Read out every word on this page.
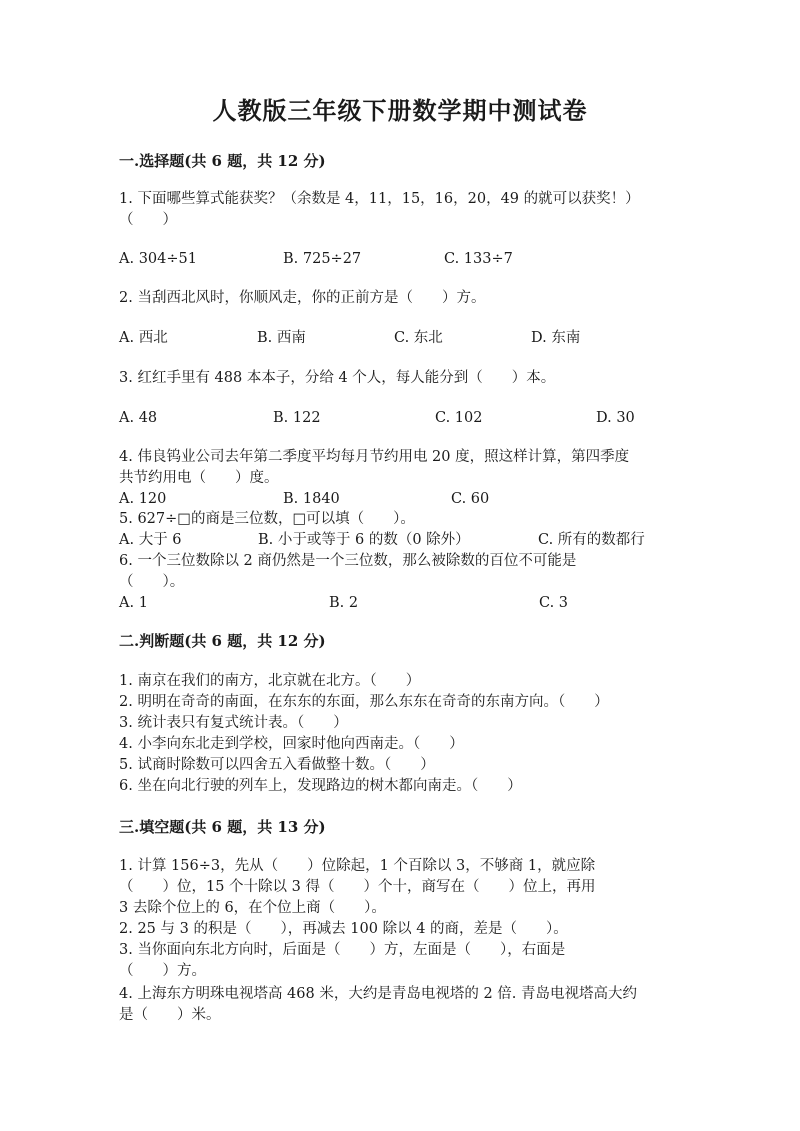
人教版三年级下册数学期中测试卷
一.选择题(共 6 题，共 12 分)
1. 下面哪些算式能获奖？（余数是 4，11，15，16，20，49 的就可以获奖！）
（　　）
A. 304÷51	B. 725÷27	C. 133÷7
2. 当刮西北风时，你顺风走，你的正前方是（　　）方。
A. 西北	B. 西南	C. 东北	D. 东南
3. 红红手里有 488 本本子，分给 4 个人，每人能分到（　　）本。
A. 48	B. 122	C. 102	D. 30
4. 伟良钨业公司去年第二季度平均每月节约用电 20 度，照这样计算，第四季度
共节约用电（　　）度。
A. 120	B. 1840	C. 60
5. 627÷□的商是三位数，□可以填（　　）。
A. 大于 6	B. 小于或等于 6 的数（0 除外）	C. 所有的数都行
6. 一个三位数除以 2 商仍然是一个三位数，那么被除数的百位不可能是
（　　）。
A. 1	B. 2	C. 3
二.判断题(共 6 题，共 12 分)
1. 南京在我们的南方，北京就在北方。（　　）
2. 明明在奇奇的南面，在东东的东面，那么东东在奇奇的东南方向。（　　）
3. 统计表只有复式统计表。（　　）
4. 小李向东北走到学校，回家时他向西南走。（　　）
5. 试商时除数可以四舍五入看做整十数。（　　）
6. 坐在向北行驶的列车上，发现路边的树木都向南走。（　　）
三.填空题(共 6 题，共 13 分)
1. 计算 156÷3，先从（　　）位除起，1 个百除以 3，不够商 1，就应除
（　　）位，15 个十除以 3 得（　　）个十，商写在（　　）位上，再用
3 去除个位上的 6，在个位上商（　　）。
2. 25 与 3 的积是（　　），再减去 100 除以 4 的商，差是（　　）。
3. 当你面向东北方向时，后面是（　　）方，左面是（　　），右面是
（　　）方。
4. 上海东方明珠电视塔高 468 米，大约是青岛电视塔的 2 倍. 青岛电视塔高大约
是（　　）米。
